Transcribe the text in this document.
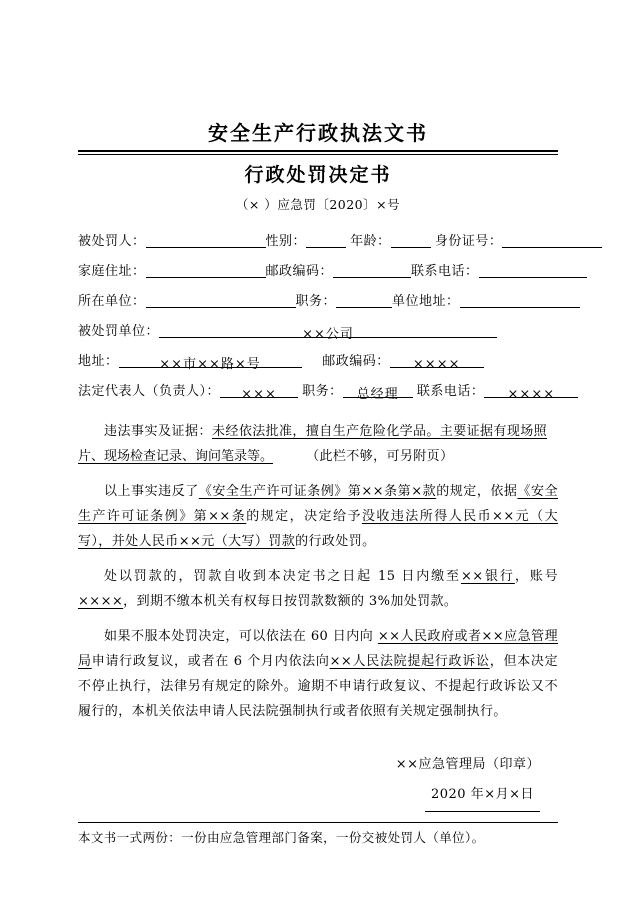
安全生产行政执法文书
行政处罚决定书
（× ）应急罚〔2020〕×号
被处罚人：	性别：	年龄：	身份证号：
家庭住址：	邮政编码：	联系电话：
所在单位：	职务：	单位地址：
被处罚单位：	××公司
地址：	××市××路×号	邮政编码： ××××
法定代表人（负责人）： ××× 职务： 总经理 联系电话： ××××
违法事实及证据：未经依法批准，擅自生产危险化学品。主要证据有现场照
片、现场检查记录、询问笔录等。	（此栏不够，可另附页）
以上事实违反了《安全生产许可证条例》第××条第×款的规定，依据《安全生产许可证条例》第××条的规定，决定给予没收违法所得人民币××元（大写），并处人民币××元（大写）罚款的行政处罚。
处以罚款的，罚款自收到本决定书之日起 15 日内缴至××银行，账号××××，到期不缴本机关有权每日按罚款数额的 3%加处罚款。
如果不服本处罚决定，可以依法在 60 日内向 ××人民政府或者××应急管理局申请行政复议，或者在 6 个月内依法向××人民法院提起行政诉讼，但本决定不停止执行，法律另有规定的除外。逾期不申请行政复议、不提起行政诉讼又不履行的，本机关依法申请人民法院强制执行或者依照有关规定强制执行。
××应急管理局（印章）
2020 年×月×日
本文书一式两份：一份由应急管理部门备案，一份交被处罚人（单位）。
